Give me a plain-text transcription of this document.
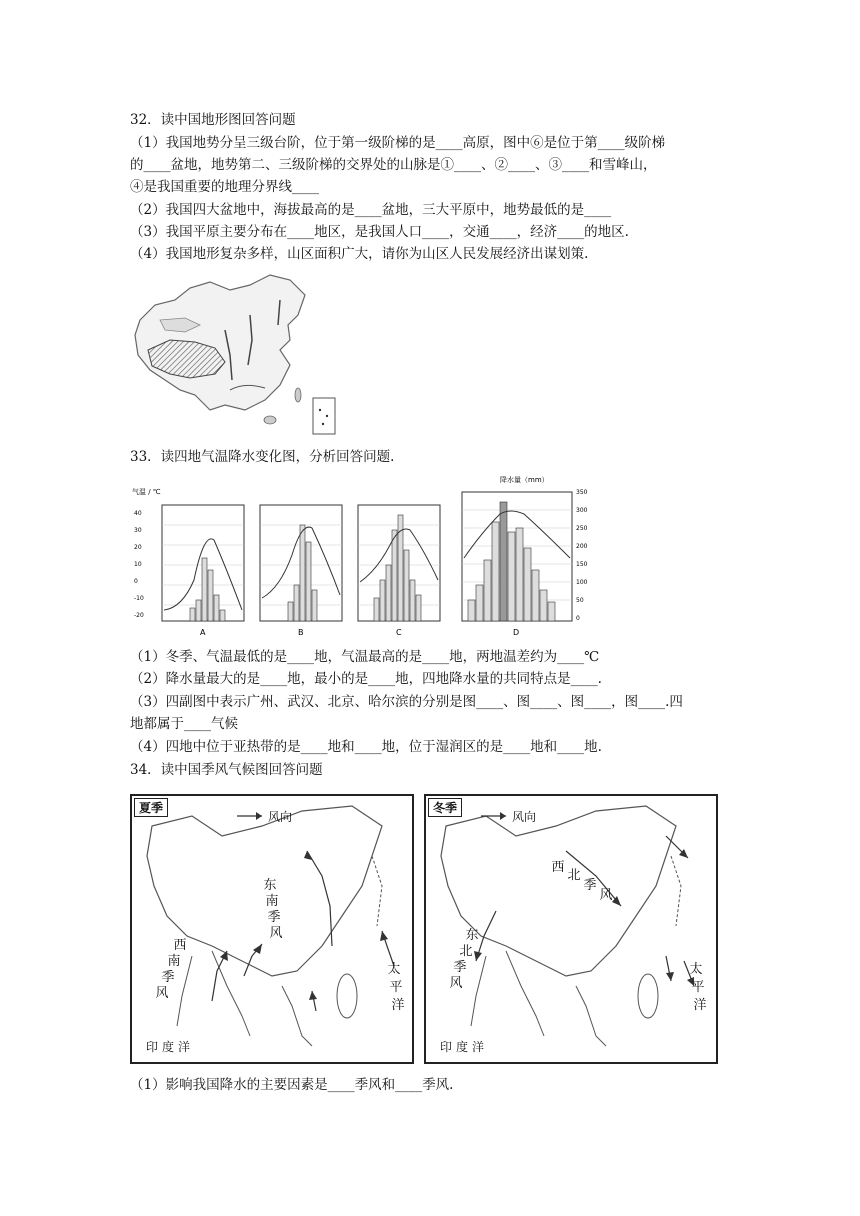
32．读中国地形图回答问题
（1）我国地势分呈三级台阶，位于第一级阶梯的是____高原，图中⑥是位于第____级阶梯
的____盆地，地势第二、三级阶梯的交界处的山脉是①____、②____、③____和雪峰山，
④是我国重要的地理分界线____
（2）我国四大盆地中，海拔最高的是____盆地，三大平原中，地势最低的是____
（3）我国平原主要分布在____地区，是我国人口____，交通____，经济____的地区.
（4）我国地形复杂多样，山区面积广大，请你为山区人民发展经济出谋划策.
33．读四地气温降水变化图，分析回答问题.
气温 / ℃
降水量（mm）
40
30
20
10
0
-10
-20
350
300
250
200
150
100
50
0
A	B	C	D
（1）冬季、气温最低的是____地，气温最高的是____地，两地温差约为____℃
（2）降水量最大的是____地，最小的是____地，四地降水量的共同特点是____.
（3）四副图中表示广州、武汉、北京、哈尔滨的分别是图____、图____、图____，图____.四
地都属于____气候
（4）四地中位于亚热带的是____地和____地，位于湿润区的是____地和____地.
34．读中国季风气候图回答问题
夏季
风向
东
南
季
风
西
南
季
风
太
平
洋
印度洋
冬季
风向
西
北
季
风
东
北
季
风
太
平
洋
印度洋
（1）影响我国降水的主要因素是____季风和____季风.
